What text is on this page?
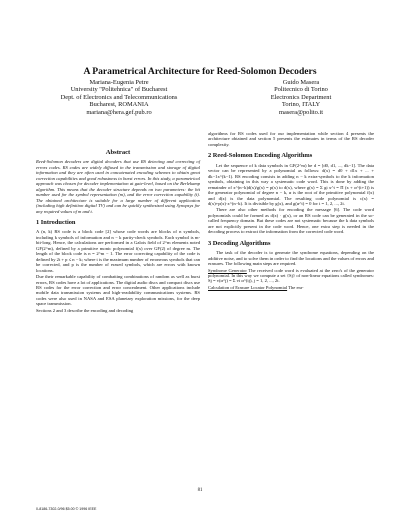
A Parametrical Architecture for Reed-Solomon Decoders
Mariana-Eugenia Petre
University "Politehnica" of Bucharest
Dept. of Electronics and Telecommunications
Bucharest, ROMANIA
mariana@hera.gef.pub.ro
Guido Masera
Politecnico di Torino
Electronics Department
Torino, ITALY
masera@polito.it
Abstract

Reed-Solomon decoders are digital decoders that use RS detecting and correcting of errors codes. RS codes are widely diffused in the transmission and storage of digital information and they are often used in concatenated encoding schemes to obtain great correction capabilities and good robustness to burst errors. In this study, a parametrical approach was chosen for decoder implementation at gate-level, based on the Berlekamp algorithm. This means that the decoder structure depends on two parameters: the bit number used for the symbol representation (m), and the error correction capability (t). The obtained architecture is suitable for a large number of different application (including high definition digital TV) and can be quickly synthesized using Synopsys for any required values of m and t.

1 Introduction

A (n, k) RS code is a block code [2] whose code words are blocks of n symbols, including k symbols of information and n − k parity-check symbols. Each symbol is m-bit-long. Hence, the calculations are performed in a Galois field of 2^m elements noted GF(2^m), defined by a primitive monic polynomial f(x) over GF(2) of degree m. The length of the block code is n = 2^m − 1. The error correcting capability of the code is defined by 2t + p ≤ n − k; where t is the maximum number of erroneous symbols that can be corrected, and p is the number of erased symbols, which are errors with known locations.

Due their remarkable capability of combatting combinations of random as well as burst errors, RS codes have a lot of applications. The digital audio discs and compact discs use RS codes for the error correction and error concealment. Other applications include mobile data transmission systems and high-readability communications systems. RS codes were also used in NASA and ESA planetary exploration missions, for the deep space transmission.

Sections 2 and 3 describe the encoding and decoding

algorithms for RS codes used for our implementation while section 4 presents the architecture obtained and section 5 presents the estimates in terms of the RS decoder complexity.

2 Reed-Solomon Encoding Algorithms

Let the sequence of k data symbols in GF(2^m) be d = [d0, d1, ..., dk−1]. The data vector can be represented by a polynomial as follows: d(x) = d0 + d1x + ... + dk−1x^(k−1). RS encoding consists in adding n − k extra-symbols to the k information symbols, obtaining in this way a systematic code word. This is done by adding the remainder of x^(n−k)d(x)/g(x) = p(x) to d(x), where g(x) = Σ gi x^i = Π (x + α^(i+1)) is the generator polynomial of degree n − k, α is the root of the primitive polynomial f(x) and d(x) is the data polynomial. The resulting code polynomial is c(x) = d(x)+p(x)·x^(n−k). It is divisible by g(x), and g(α^i) = 0 for i = 1, 2, ..., 2t.

There are also other methods for encoding the message [6]. The code word polynomials could be formed as d(x) · g(x), or an RS code can be generated in the so-called frequency domain. But these codes are not systematic because the k data symbols are not explicitly present in the code word. Hence, one extra step is needed in the decoding process to extract the information from the corrected code word.

3 Decoding Algorithms

The task of the decoder is to generate the syndrome equations, depending on the additive noise, and to solve them in order to find the locations and the values of errors and erasures. The following main steps are required.

Syndrome Generator The received code word is evaluated at the zero's of the generator polynomial. In this way we compute a set {Sj} of non-linear equations called syndromes: Sj = v(α^j) = Σ vi α^(ij), j = 1, 2, ..., 2t.

Calculation of Erasure Locator Polynomial The era-

81
0-8186-7302-0/96 $5.00 © 1996 IEEE
